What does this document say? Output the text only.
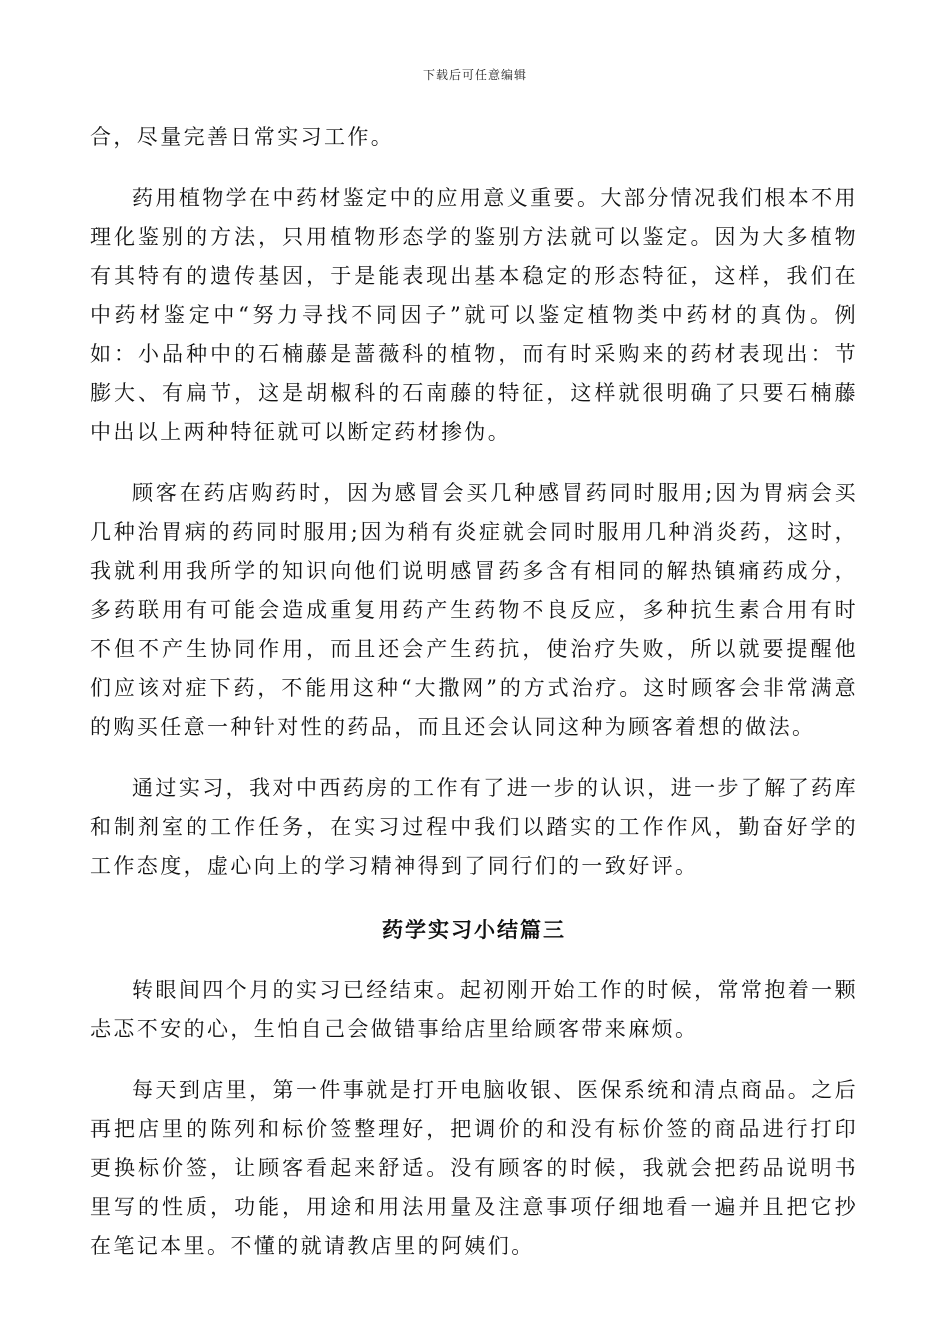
下载后可任意编辑

合，尽量完善日常实习工作。

药用植物学在中药材鉴定中的应用意义重要。大部分情况我们根本不用理化鉴别的方法，只用植物形态学的鉴别方法就可以鉴定。因为大多植物有其特有的遗传基因，于是能表现出基本稳定的形态特征，这样，我们在中药材鉴定中“努力寻找不同因子”就可以鉴定植物类中药材的真伪。例如：小品种中的石楠藤是蔷薇科的植物，而有时采购来的药材表现出：节膨大、有扁节，这是胡椒科的石南藤的特征，这样就很明确了只要石楠藤中出以上两种特征就可以断定药材掺伪。

顾客在药店购药时，因为感冒会买几种感冒药同时服用;因为胃病会买几种治胃病的药同时服用;因为稍有炎症就会同时服用几种消炎药，这时，我就利用我所学的知识向他们说明感冒药多含有相同的解热镇痛药成分，多药联用有可能会造成重复用药产生药物不良反应，多种抗生素合用有时不但不产生协同作用，而且还会产生药抗，使治疗失败，所以就要提醒他们应该对症下药，不能用这种“大撒网”的方式治疗。这时顾客会非常满意的购买任意一种针对性的药品，而且还会认同这种为顾客着想的做法。

通过实习，我对中西药房的工作有了进一步的认识，进一步了解了药库和制剂室的工作任务，在实习过程中我们以踏实的工作作风，勤奋好学的工作态度，虚心向上的学习精神得到了同行们的一致好评。

药学实习小结篇三

转眼间四个月的实习已经结束。起初刚开始工作的时候，常常抱着一颗忐忑不安的心，生怕自己会做错事给店里给顾客带来麻烦。

每天到店里，第一件事就是打开电脑收银、医保系统和清点商品。之后再把店里的陈列和标价签整理好，把调价的和没有标价签的商品进行打印更换标价签，让顾客看起来舒适。没有顾客的时候，我就会把药品说明书里写的性质，功能，用途和用法用量及注意事项仔细地看一遍并且把它抄在笔记本里。不懂的就请教店里的阿姨们。
